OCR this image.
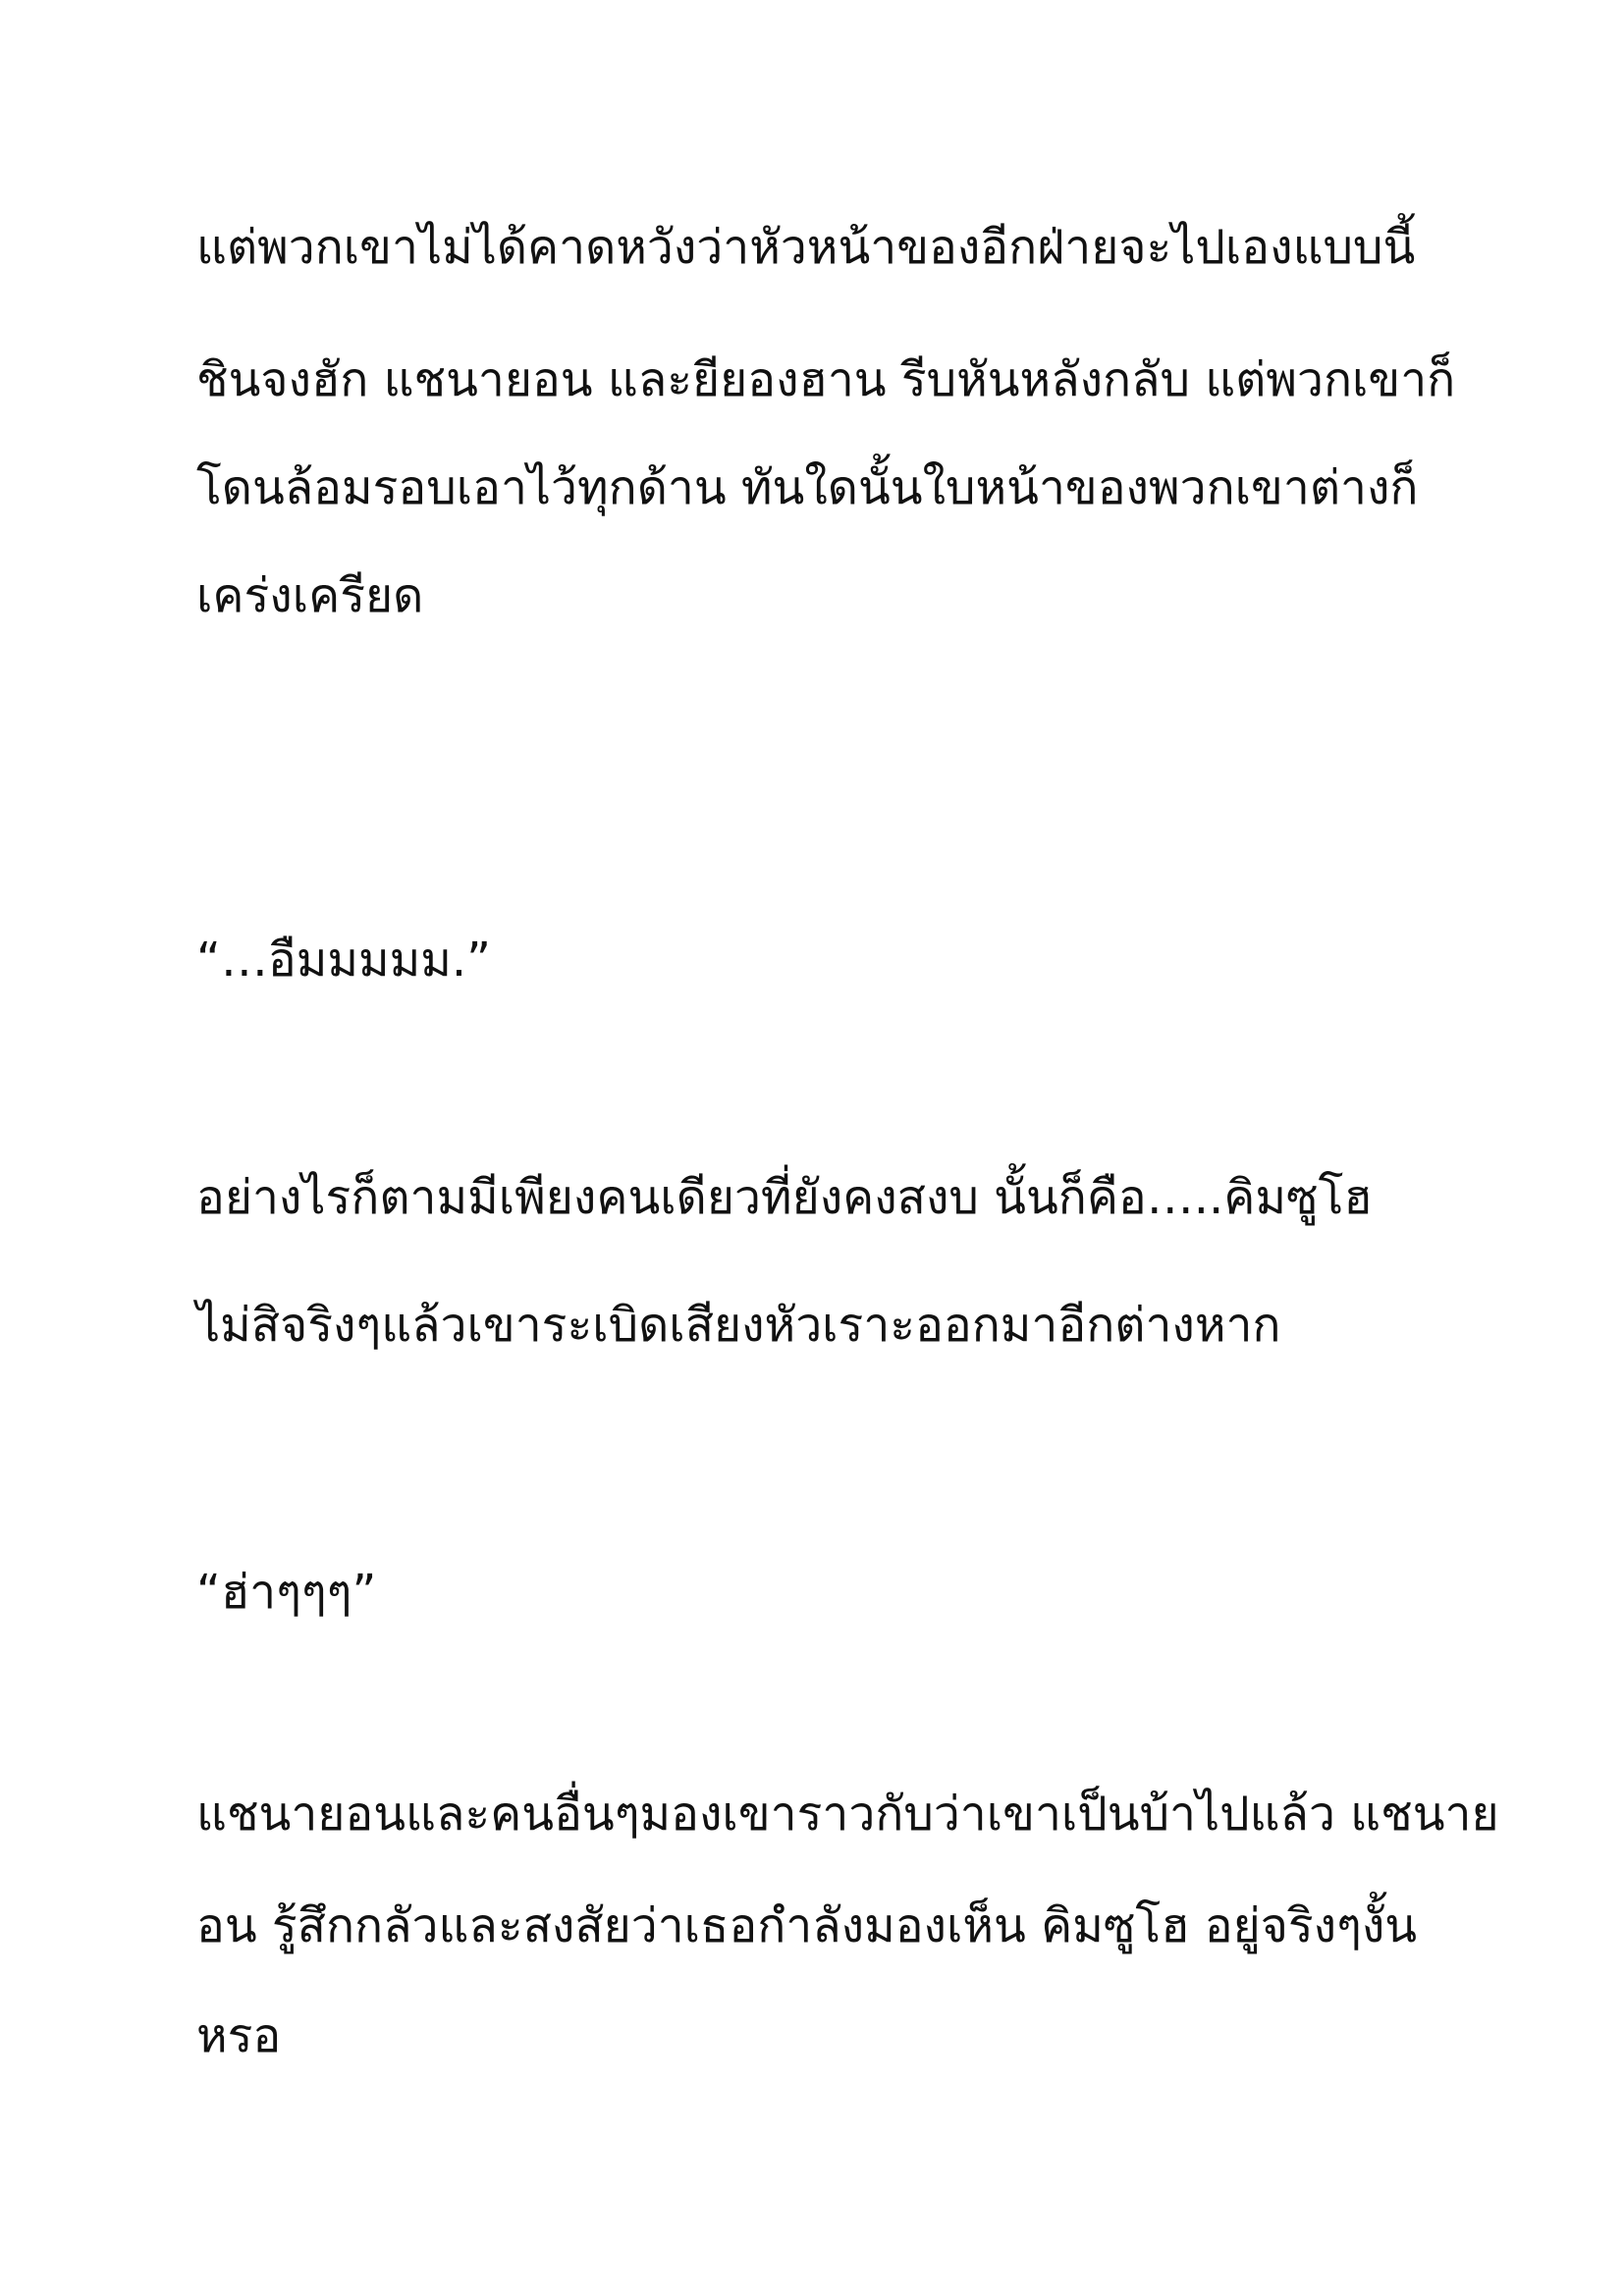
แต่พวกเขาไม่ได้คาดหวังว่าหัวหน้าของอีกฝ่ายจะไปเองแบบนี้
ชินจงฮัก แชนายอน และยียองฮาน รีบหันหลังกลับ แต่พวกเขาก็
โดนล้อมรอบเอาไว้ทุกด้าน ทันใดนั้นใบหน้าของพวกเขาต่างก็
เคร่งเครียด
“…อืมมมมม.”
อย่างไรก็ตามมีเพียงคนเดียวที่ยังคงสงบ นั้นก็คือ…..คิมซูโฮ
ไม่สิจริงๆแล้วเขาระเบิดเสียงหัวเราะออกมาอีกต่างหาก
“ฮ่าๆๆๆ”
แชนายอนและคนอื่นๆมองเขาราวกับว่าเขาเป็นบ้าไปแล้ว แชนาย
อน รู้สึกกลัวและสงสัยว่าเธอกำลังมองเห็น คิมซูโฮ อยู่จริงๆงั้น
หรอ
